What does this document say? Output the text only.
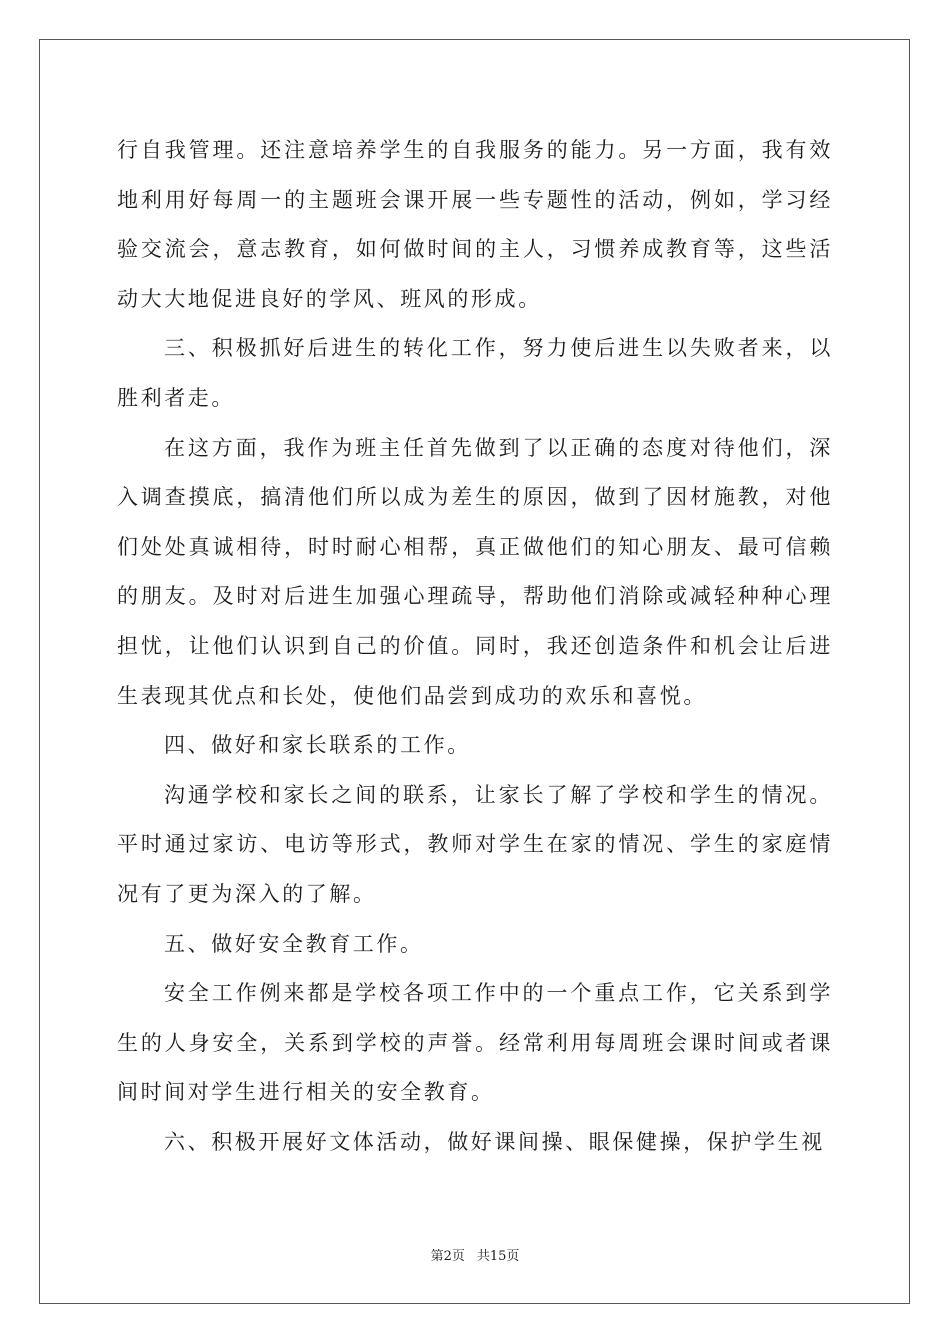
行自我管理。还注意培养学生的自我服务的能力。另一方面，我有效地利用好每周一的主题班会课开展一些专题性的活动，例如，学习经验交流会，意志教育，如何做时间的主人，习惯养成教育等，这些活动大大地促进良好的学风、班风的形成。

三、积极抓好后进生的转化工作，努力使后进生以失败者来，以胜利者走。

在这方面，我作为班主任首先做到了以正确的态度对待他们，深入调查摸底，搞清他们所以成为差生的原因，做到了因材施教，对他们处处真诚相待，时时耐心相帮，真正做他们的知心朋友、最可信赖的朋友。及时对后进生加强心理疏导，帮助他们消除或减轻种种心理担忧，让他们认识到自己的价值。同时，我还创造条件和机会让后进生表现其优点和长处，使他们品尝到成功的欢乐和喜悦。

四、做好和家长联系的工作。

沟通学校和家长之间的联系，让家长了解了学校和学生的情况。平时通过家访、电访等形式，教师对学生在家的情况、学生的家庭情况有了更为深入的了解。

五、做好安全教育工作。

安全工作例来都是学校各项工作中的一个重点工作，它关系到学生的人身安全，关系到学校的声誉。经常利用每周班会课时间或者课间时间对学生进行相关的安全教育。

六、积极开展好文体活动，做好课间操、眼保健操，保护学生视

第2页 共15页
